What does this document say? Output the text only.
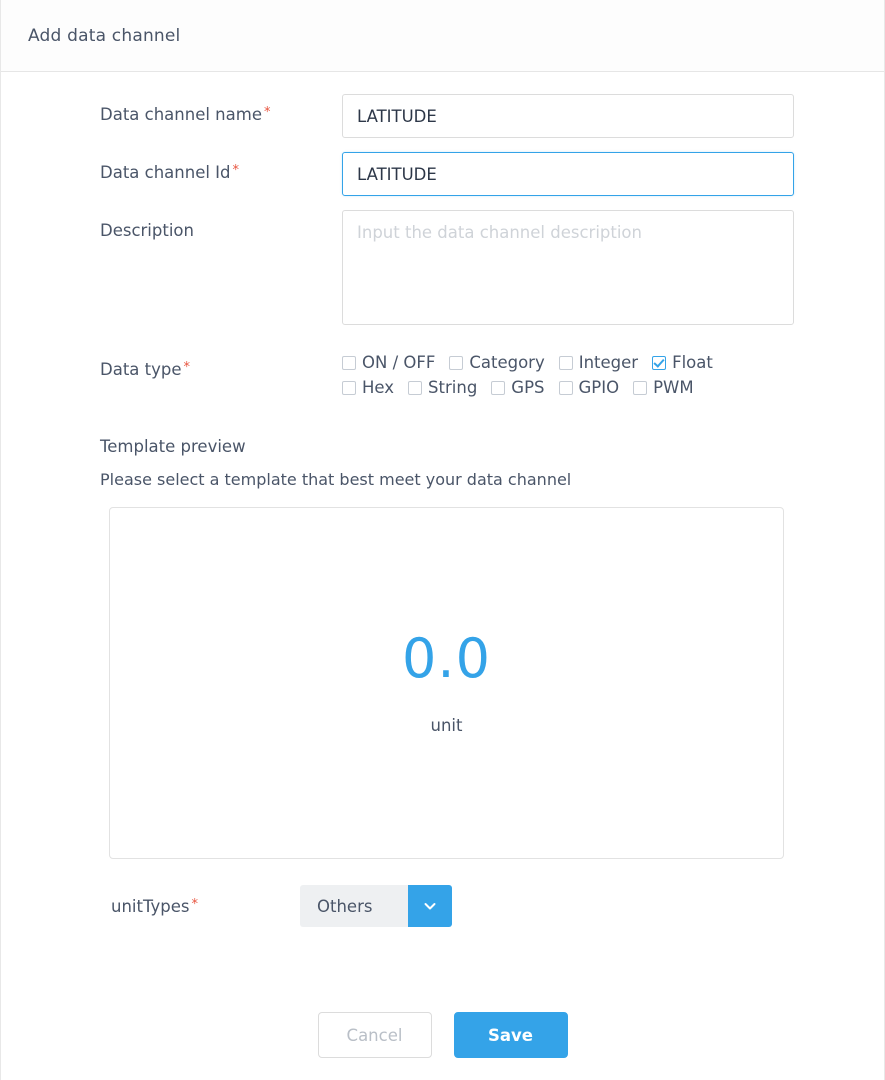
Add data channel
Data channel name *
LATITUDE
Data channel Id *
LATITUDE
Description
Input the data channel description
Data type *	ON / OFF Category Integer Float
Hex String GPS GPIO PWM
Template preview
Please select a template that best meet your data channel
0.0
unit
unitTypes *	Others
Cancel	Save
